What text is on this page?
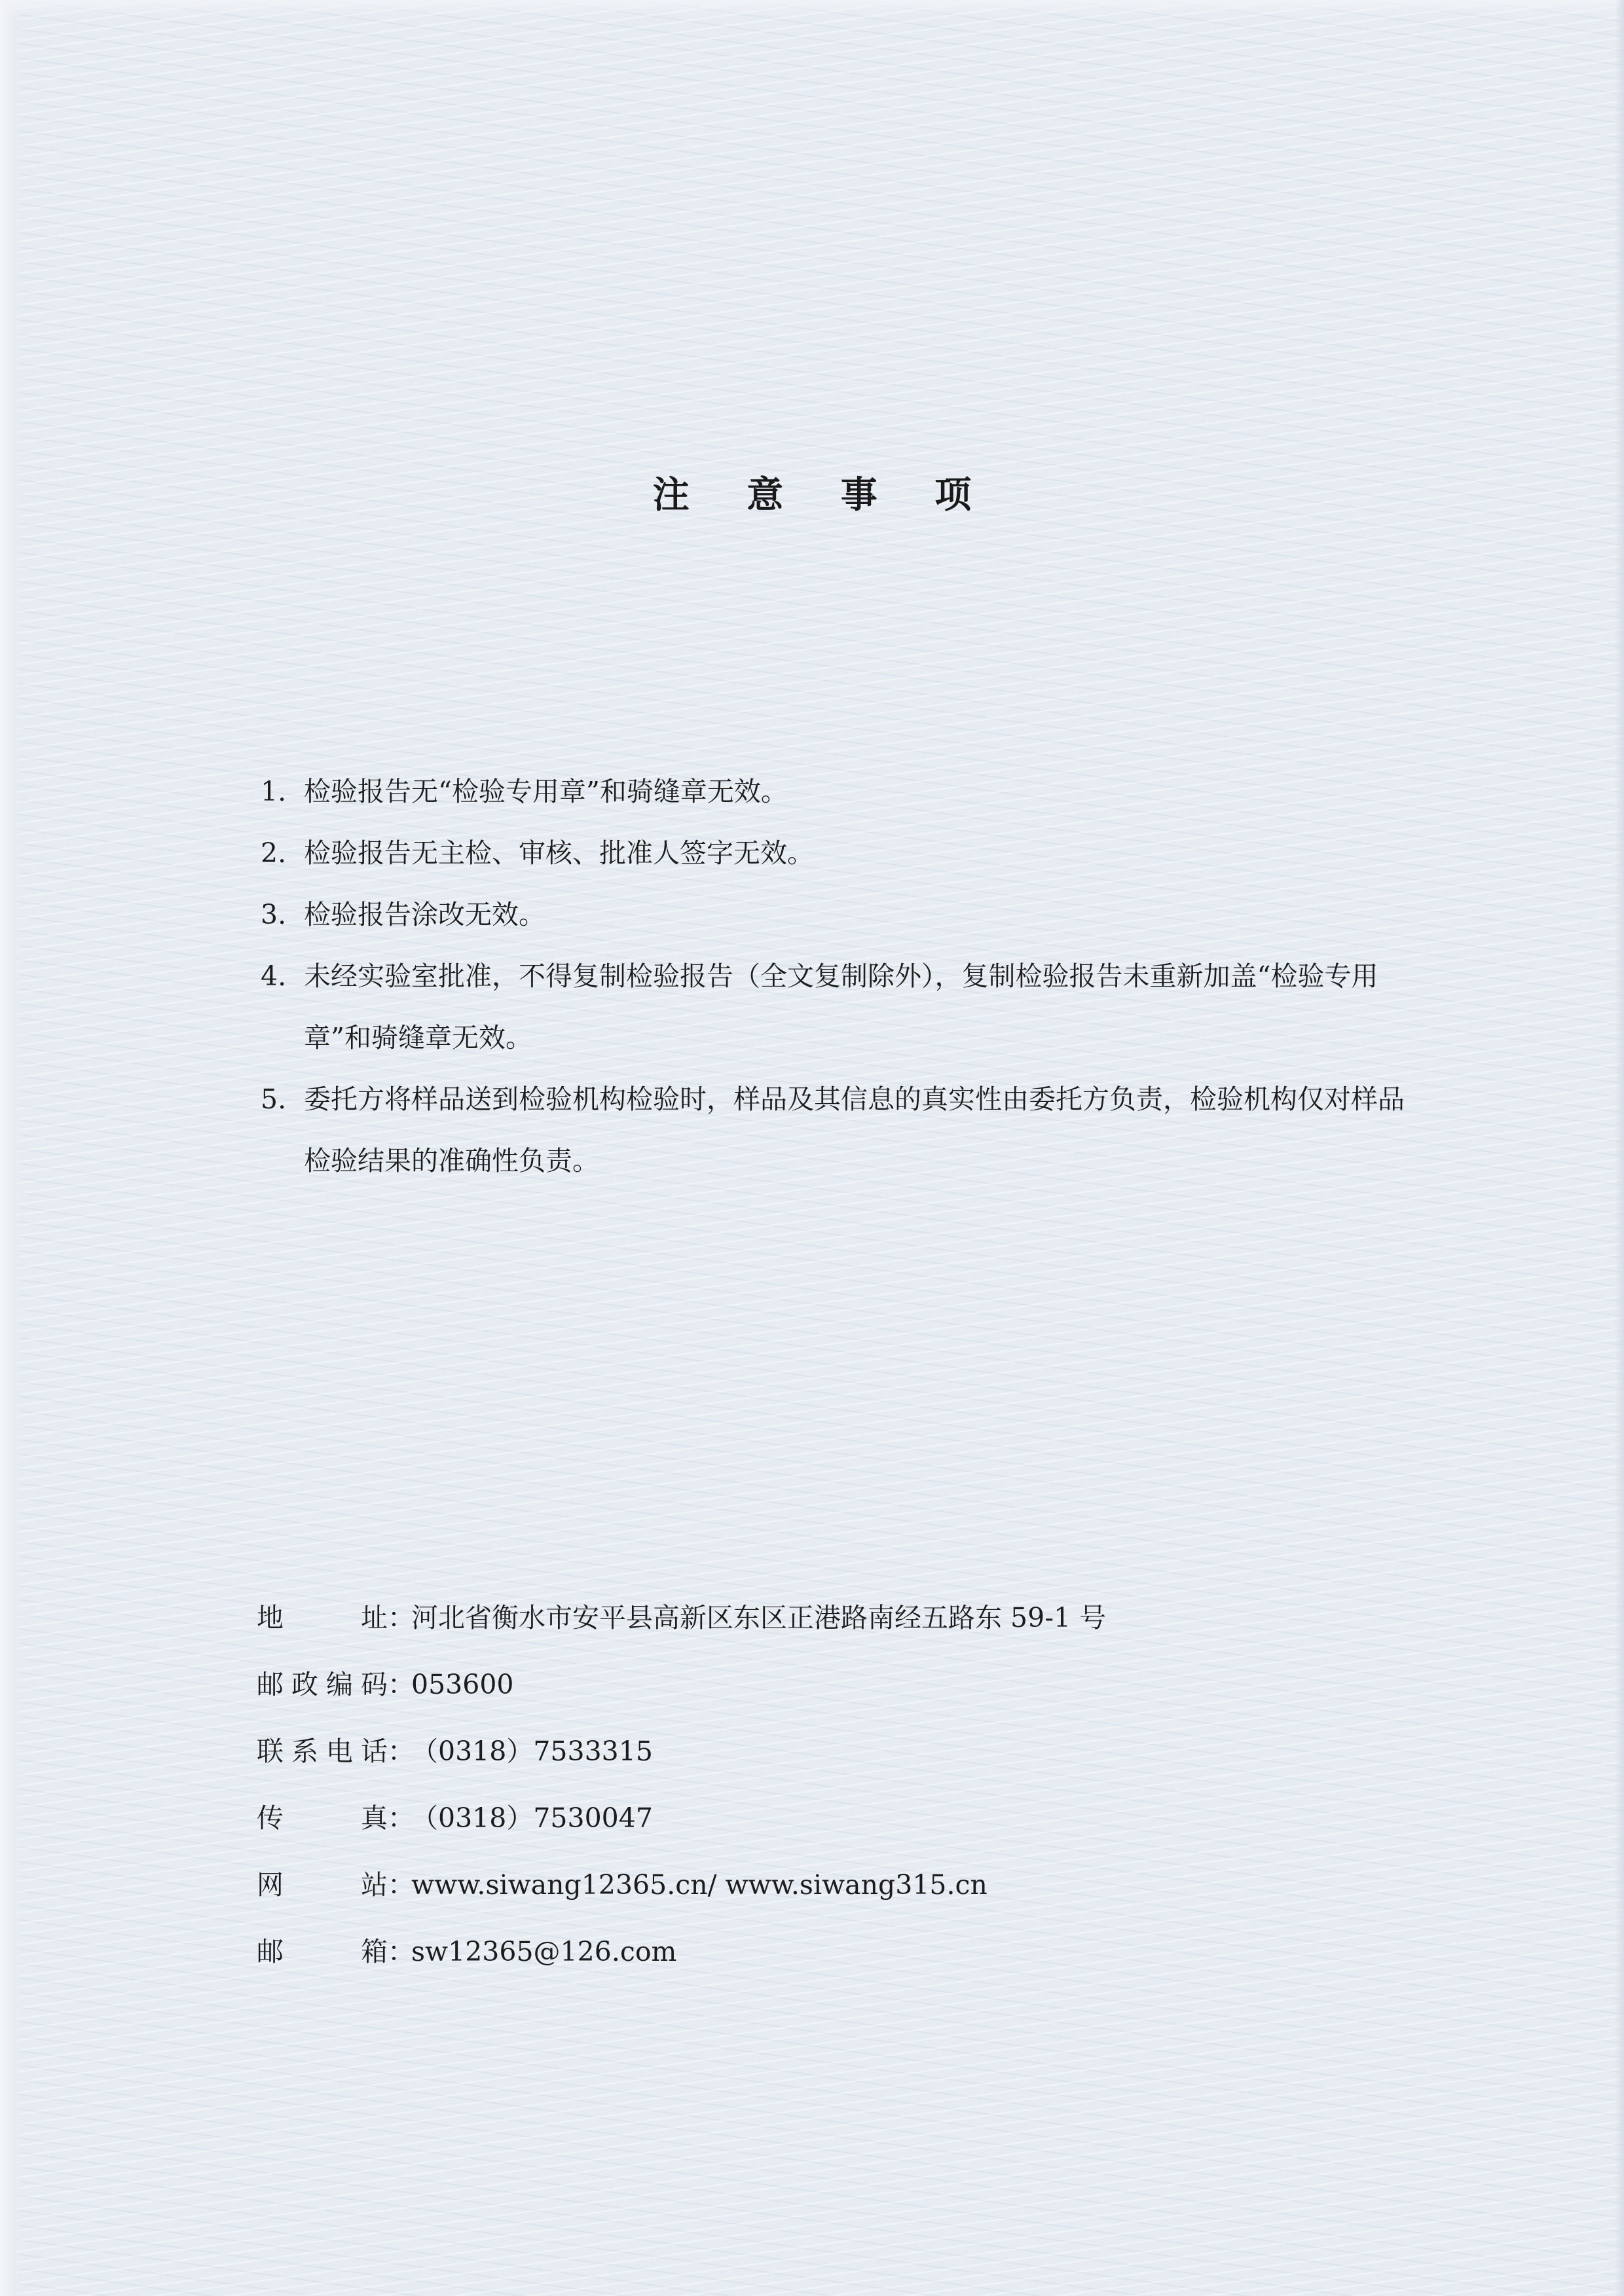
注 意 事 项
1. 检验报告无“检验专用章”和骑缝章无效。
2. 检验报告无主检、审核、批准人签字无效。
3. 检验报告涂改无效。
4. 未经实验室批准，不得复制检验报告（全文复制除外），复制检验报告未重新加盖“检验专用章”和骑缝章无效。
5. 委托方将样品送到检验机构检验时，样品及其信息的真实性由委托方负责，检验机构仅对样品检验结果的准确性负责。
地址 ：
河北省衡水市安平县高新区东区正港路南经五路东 59-1 号
邮政编码 ：
053600
联系电话 ：
（0318）7533315
传真 ：
（0318）7530047
网站 ：
www.siwang12365.cn/ www.siwang315.cn
邮箱 ：
sw12365@126.com
